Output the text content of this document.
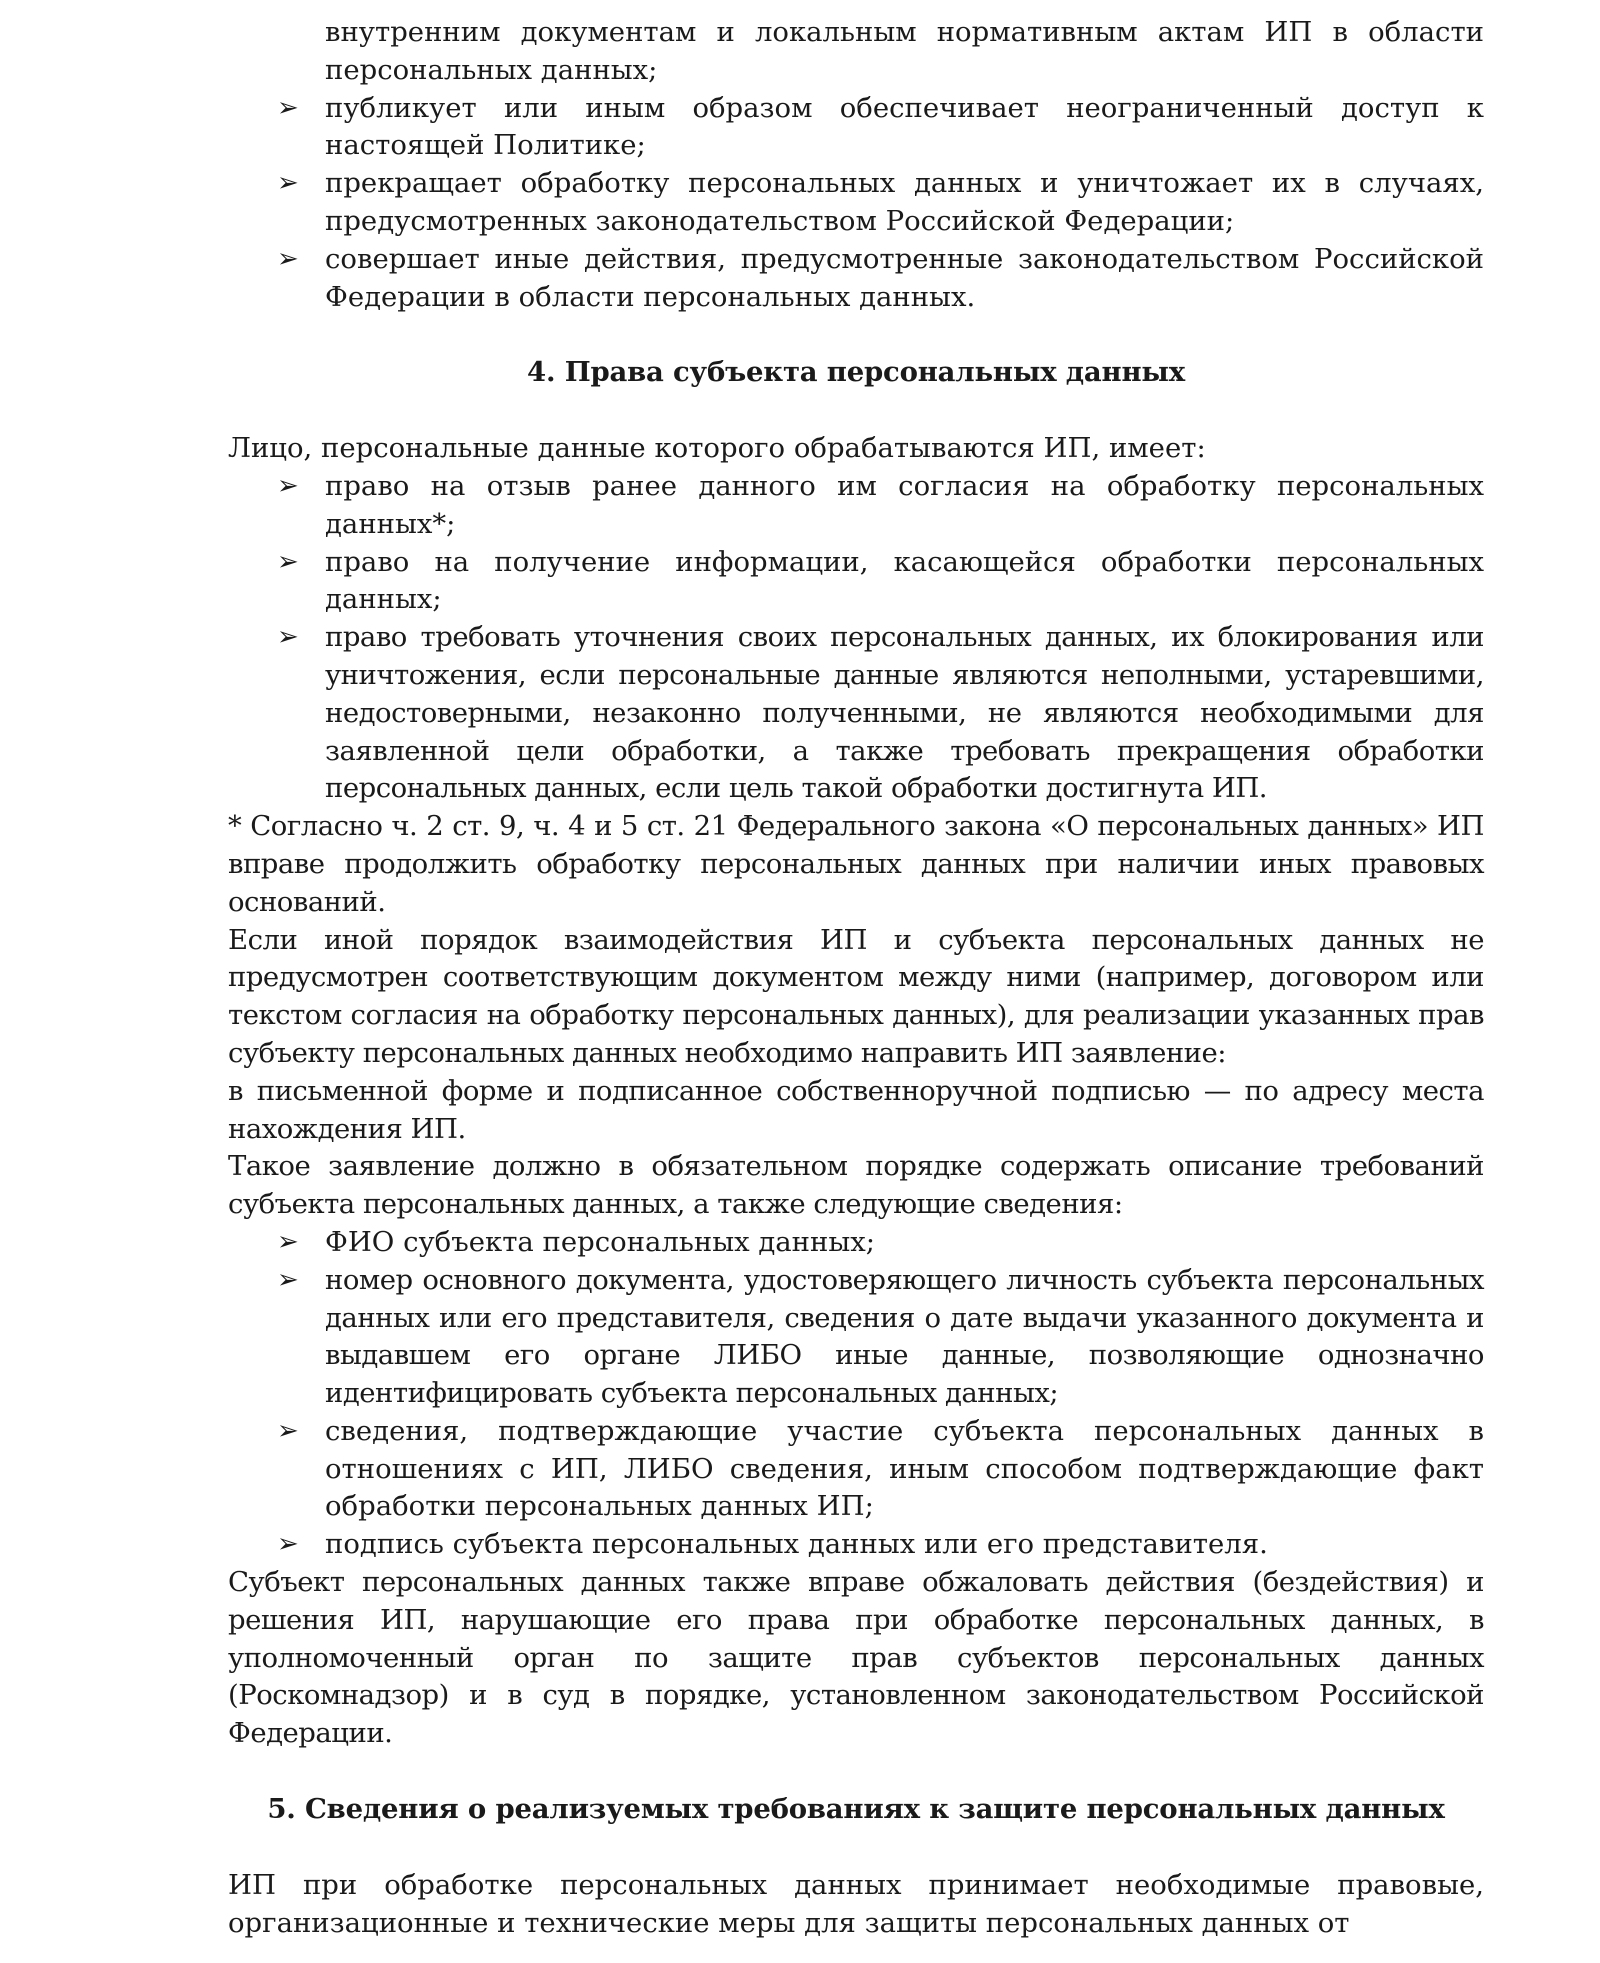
внутренним документам и локальным нормативным актам ИП в области персональных данных;

➢ публикует или иным образом обеспечивает неограниченный доступ к настоящей Политике;
➢ прекращает обработку персональных данных и уничтожает их в случаях, предусмотренных законодательством Российской Федерации;
➢ совершает иные действия, предусмотренные законодательством Российской Федерации в области персональных данных.
4. Права субъекта персональных данных

Лицо, персональные данные которого обрабатываются ИП, имеет:

➢ право на отзыв ранее данного им согласия на обработку персональных данных*;
➢ право на получение информации, касающейся обработки персональных данных;
➢ право требовать уточнения своих персональных данных, их блокирования или уничтожения, если персональные данные являются неполными, устаревшими, недостоверными, незаконно полученными, не являются необходимыми для заявленной цели обработки, а также требовать прекращения обработки персональных данных, если цель такой обработки достигнута ИП.

* Согласно ч. 2 ст. 9, ч. 4 и 5 ст. 21 Федерального закона «О персональных данных» ИП вправе продолжить обработку персональных данных при наличии иных правовых оснований.

Если иной порядок взаимодействия ИП и субъекта персональных данных не предусмотрен соответствующим документом между ними (например, договором или текстом согласия на обработку персональных данных), для реализации указанных прав субъекту персональных данных необходимо направить ИП заявление:

в письменной форме и подписанное собственноручной подписью — по адресу места нахождения ИП.

Такое заявление должно в обязательном порядке содержать описание требований субъекта персональных данных, а также следующие сведения:

➢ ФИО субъекта персональных данных;
➢ номер основного документа, удостоверяющего личность субъекта персональных данных или его представителя, сведения о дате выдачи указанного документа и выдавшем его органе ЛИБО иные данные, позволяющие однозначно идентифицировать субъекта персональных данных;
➢ сведения, подтверждающие участие субъекта персональных данных в отношениях с ИП, ЛИБО сведения, иным способом подтверждающие факт обработки персональных данных ИП;
➢ подпись субъекта персональных данных или его представителя.

Субъект персональных данных также вправе обжаловать действия (бездействия) и решения ИП, нарушающие его права при обработке персональных данных, в уполномоченный орган по защите прав субъектов персональных данных (Роскомнадзор) и в суд в порядке, установленном законодательством Российской Федерации.

5. Сведения о реализуемых требованиях к защите персональных данных

ИП при обработке персональных данных принимает необходимые правовые, организационные и технические меры для защиты персональных данных от
